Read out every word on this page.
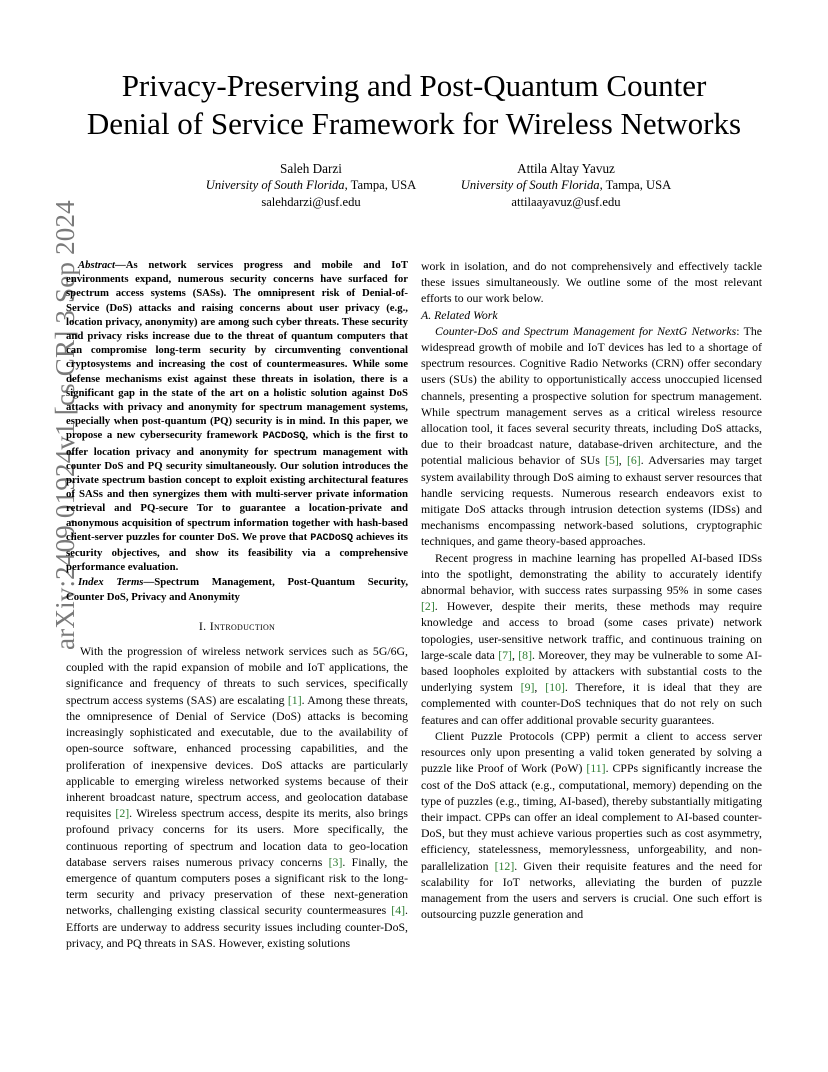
arXiv:2409.01924v1 [cs.CR] 3 Sep 2024
Privacy-Preserving and Post-Quantum Counter
Denial of Service Framework for Wireless Networks
Saleh Darzi
University of South Florida, Tampa, USA
salehdarzi@usf.edu
Attila Altay Yavuz
University of South Florida, Tampa, USA
attilaayavuz@usf.edu

Abstract—As network services progress and mobile and IoT environments expand, numerous security concerns have surfaced for spectrum access systems (SASs). The omnipresent risk of Denial-of-Service (DoS) attacks and raising concerns about user privacy (e.g., location privacy, anonymity) are among such cyber threats. These security and privacy risks increase due to the threat of quantum computers that can compromise long-term security by circumventing conventional cryptosystems and increasing the cost of countermeasures. While some defense mechanisms exist against these threats in isolation, there is a significant gap in the state of the art on a holistic solution against DoS attacks with privacy and anonymity for spectrum management systems, especially when post-quantum (PQ) security is in mind. In this paper, we propose a new cybersecurity framework PACDoSQ, which is the first to offer location privacy and anonymity for spectrum management with counter DoS and PQ security simultaneously. Our solution introduces the private spectrum bastion concept to exploit existing architectural features of SASs and then synergizes them with multi-server private information retrieval and PQ-secure Tor to guarantee a location-private and anonymous acquisition of spectrum information together with hash-based client-server puzzles for counter DoS. We prove that PACDoSQ achieves its security objectives, and show its feasibility via a comprehensive performance evaluation.

Index Terms—Spectrum Management, Post-Quantum Security, Counter DoS, Privacy and Anonymity

I. Introduction

With the progression of wireless network services such as 5G/6G, coupled with the rapid expansion of mobile and IoT applications, the significance and frequency of threats to such services, specifically spectrum access systems (SAS) are escalating [1]. Among these threats, the omnipresence of Denial of Service (DoS) attacks is becoming increasingly sophisticated and executable, due to the availability of open-source software, enhanced processing capabilities, and the proliferation of inexpensive devices. DoS attacks are particularly applicable to emerging wireless networked systems because of their inherent broadcast nature, spectrum access, and geolocation database requisites [2]. Wireless spectrum access, despite its merits, also brings profound privacy concerns for its users. More specifically, the continuous reporting of spectrum and location data to geo-location database servers raises numerous privacy concerns [3]. Finally, the emergence of quantum computers poses a significant risk to the long-term security and privacy preservation of these next-generation networks, challenging existing classical security countermeasures [4]. Efforts are underway to address security issues including counter-DoS, privacy, and PQ threats in SAS. However, existing solutions

work in isolation, and do not comprehensively and effectively tackle these issues simultaneously. We outline some of the most relevant efforts to our work below.

A. Related Work

Counter-DoS and Spectrum Management for NextG Networks: The widespread growth of mobile and IoT devices has led to a shortage of spectrum resources. Cognitive Radio Networks (CRN) offer secondary users (SUs) the ability to opportunistically access unoccupied licensed channels, presenting a prospective solution for spectrum management. While spectrum management serves as a critical wireless resource allocation tool, it faces several security threats, including DoS attacks, due to their broadcast nature, database-driven architecture, and the potential malicious behavior of SUs [5], [6]. Adversaries may target system availability through DoS aiming to exhaust server resources that handle servicing requests. Numerous research endeavors exist to mitigate DoS attacks through intrusion detection systems (IDSs) and mechanisms encompassing network-based solutions, cryptographic techniques, and game theory-based approaches.

Recent progress in machine learning has propelled AI-based IDSs into the spotlight, demonstrating the ability to accurately identify abnormal behavior, with success rates surpassing 95% in some cases [2]. However, despite their merits, these methods may require knowledge and access to broad (some cases private) network topologies, user-sensitive network traffic, and continuous training on large-scale data [7], [8]. Moreover, they may be vulnerable to some AI-based loopholes exploited by attackers with substantial costs to the underlying system [9], [10]. Therefore, it is ideal that they are complemented with counter-DoS techniques that do not rely on such features and can offer additional provable security guarantees.

Client Puzzle Protocols (CPP) permit a client to access server resources only upon presenting a valid token generated by solving a puzzle like Proof of Work (PoW) [11]. CPPs significantly increase the cost of the DoS attack (e.g., computational, memory) depending on the type of puzzles (e.g., timing, AI-based), thereby substantially mitigating their impact. CPPs can offer an ideal complement to AI-based counter-DoS, but they must achieve various properties such as cost asymmetry, efficiency, statelessness, memorylessness, unforgeability, and non-parallelization [12]. Given their requisite features and the need for scalability for IoT networks, alleviating the burden of puzzle management from the users and servers is crucial. One such effort is outsourcing puzzle generation and
